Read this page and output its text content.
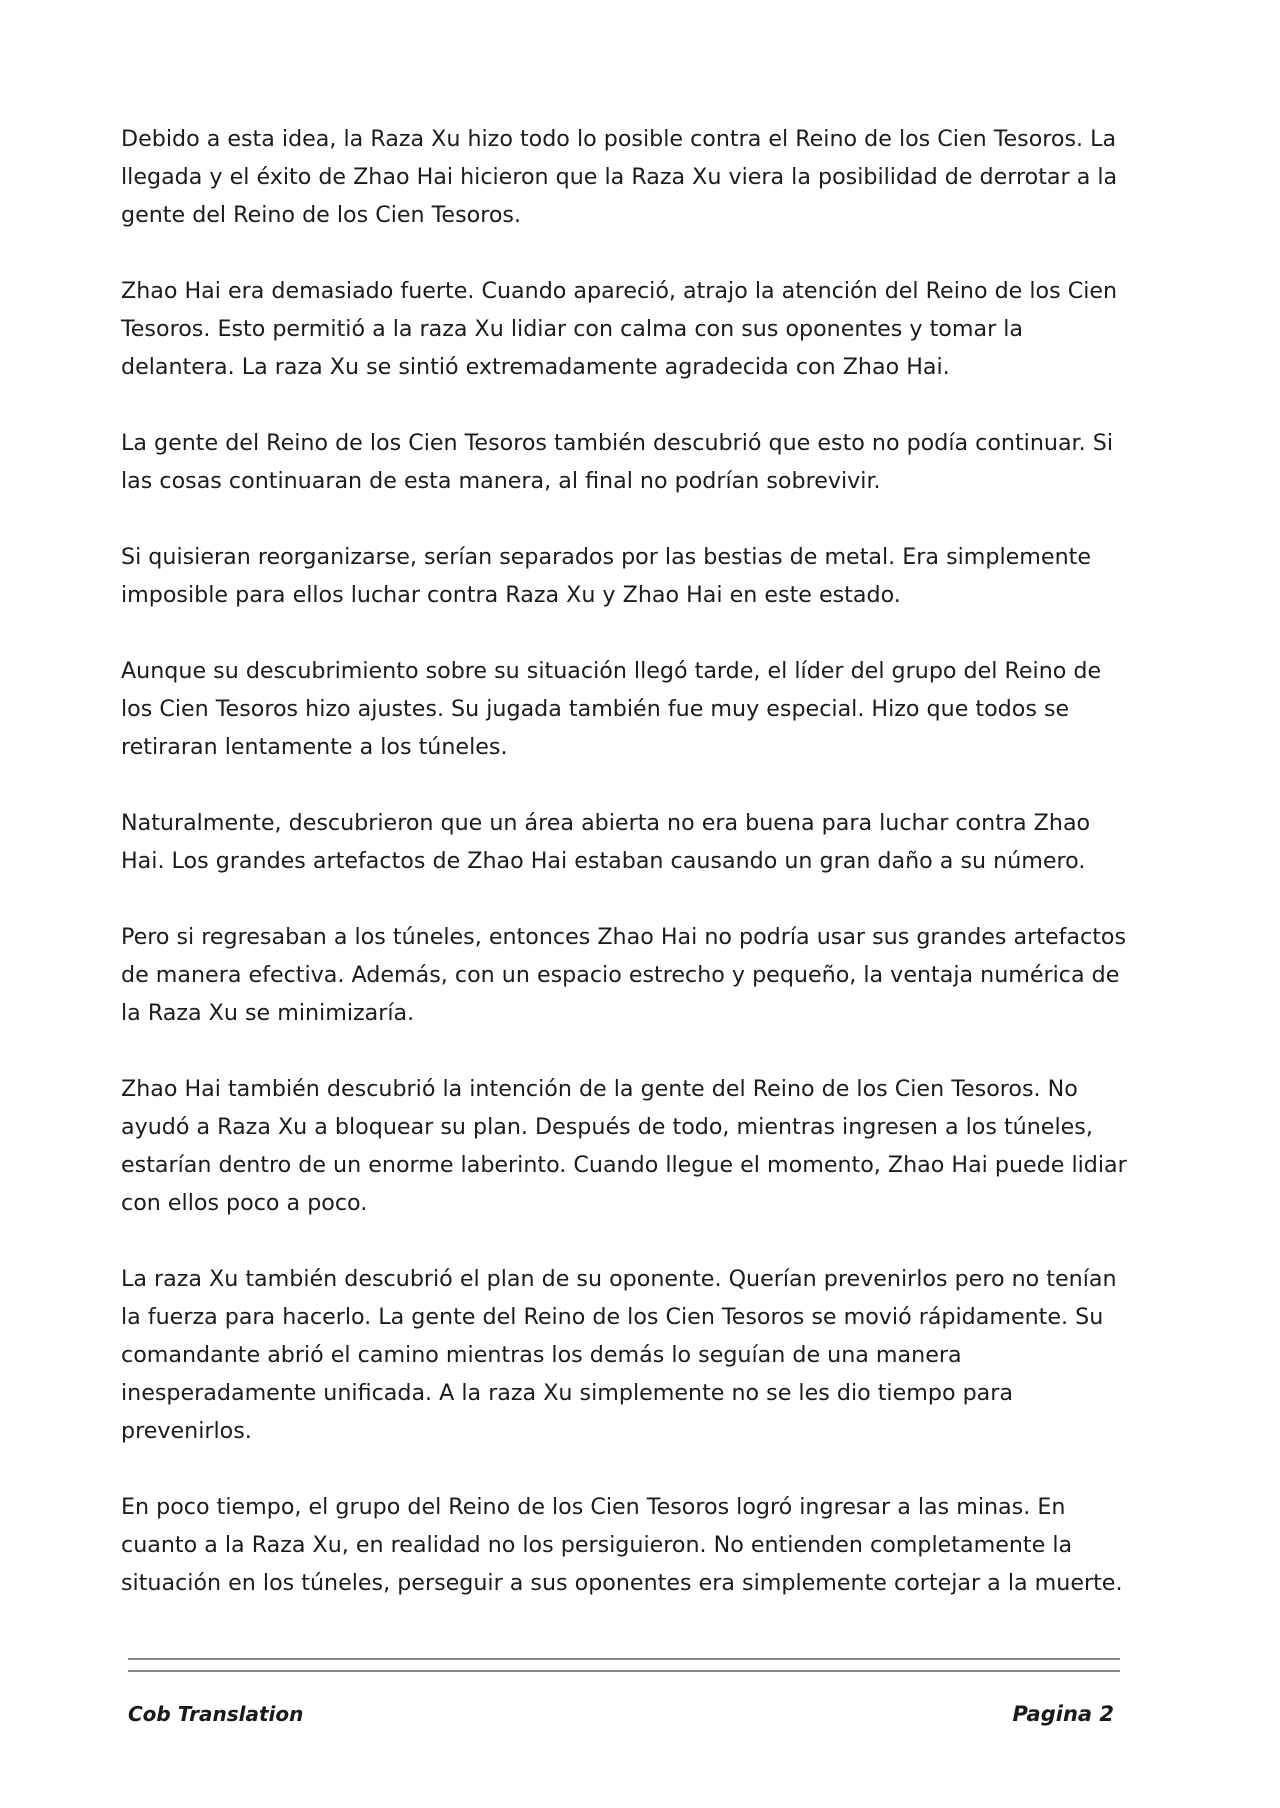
Debido a esta idea, la Raza Xu hizo todo lo posible contra el Reino de los Cien Tesoros. La llegada y el éxito de Zhao Hai hicieron que la Raza Xu viera la posibilidad de derrotar a la gente del Reino de los Cien Tesoros.

Zhao Hai era demasiado fuerte. Cuando apareció, atrajo la atención del Reino de los Cien Tesoros. Esto permitió a la raza Xu lidiar con calma con sus oponentes y tomar la delantera. La raza Xu se sintió extremadamente agradecida con Zhao Hai.

La gente del Reino de los Cien Tesoros también descubrió que esto no podía continuar. Si las cosas continuaran de esta manera, al final no podrían sobrevivir.

Si quisieran reorganizarse, serían separados por las bestias de metal. Era simplemente imposible para ellos luchar contra Raza Xu y Zhao Hai en este estado.

Aunque su descubrimiento sobre su situación llegó tarde, el líder del grupo del Reino de los Cien Tesoros hizo ajustes. Su jugada también fue muy especial. Hizo que todos se retiraran lentamente a los túneles.

Naturalmente, descubrieron que un área abierta no era buena para luchar contra Zhao Hai. Los grandes artefactos de Zhao Hai estaban causando un gran daño a su número.

Pero si regresaban a los túneles, entonces Zhao Hai no podría usar sus grandes artefactos de manera efectiva. Además, con un espacio estrecho y pequeño, la ventaja numérica de la Raza Xu se minimizaría.

Zhao Hai también descubrió la intención de la gente del Reino de los Cien Tesoros. No ayudó a Raza Xu a bloquear su plan. Después de todo, mientras ingresen a los túneles, estarían dentro de un enorme laberinto. Cuando llegue el momento, Zhao Hai puede lidiar con ellos poco a poco.

La raza Xu también descubrió el plan de su oponente. Querían prevenirlos pero no tenían la fuerza para hacerlo. La gente del Reino de los Cien Tesoros se movió rápidamente. Su comandante abrió el camino mientras los demás lo seguían de una manera inesperadamente unificada. A la raza Xu simplemente no se les dio tiempo para prevenirlos.

En poco tiempo, el grupo del Reino de los Cien Tesoros logró ingresar a las minas. En cuanto a la Raza Xu, en realidad no los persiguieron. No entienden completamente la situación en los túneles, perseguir a sus oponentes era simplemente cortejar a la muerte.

Cob Translation	Pagina 2
